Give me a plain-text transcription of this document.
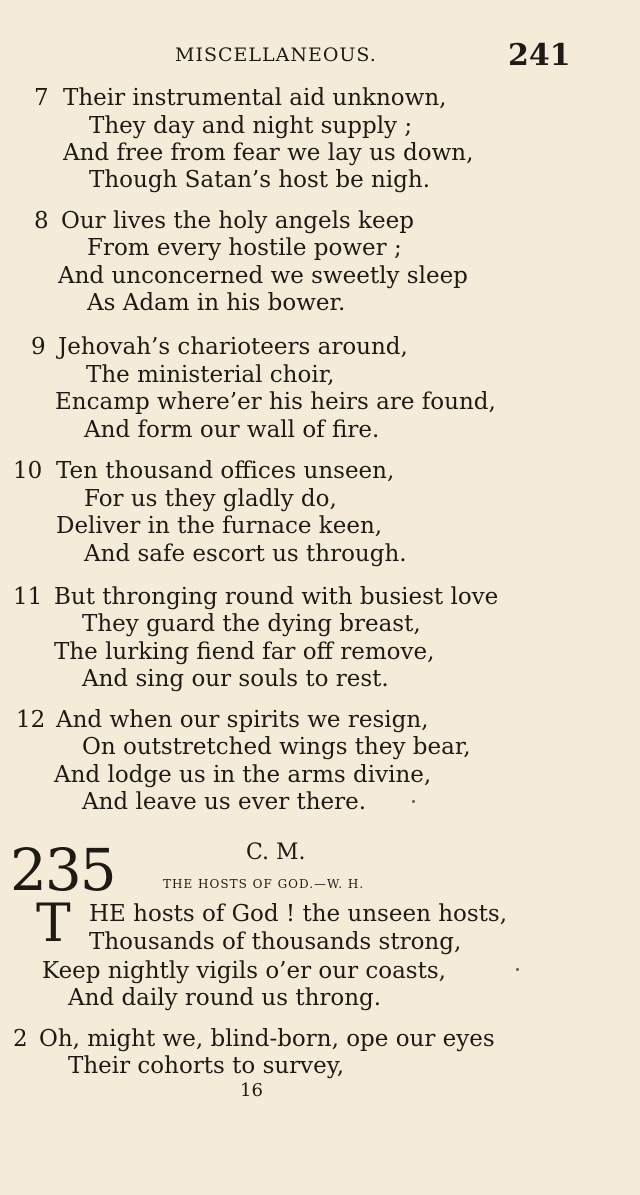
MISCELLANEOUS.	241
7 Their instrumental aid unknown,
They day and night supply ;
And free from fear we lay us down,
Though Satan’s host be nigh.
8 Our lives the holy angels keep
From every hostile power ;
And unconcerned we sweetly sleep
As Adam in his bower.
9 Jehovah’s charioteers around,
The ministerial choir,
Encamp where’er his heirs are found,
And form our wall of fire.
10 Ten thousand offices unseen,
For us they gladly do,
Deliver in the furnace keen,
And safe escort us through.
11 But thronging round with busiest love
They guard the dying breast,
The lurking fiend far off remove,
And sing our souls to rest.
12 And when our spirits we resign,
On outstretched wings they bear,
And lodge us in the arms divine,
And leave us ever there.
235	C. M.
THE HOSTS OF GOD.—W. H.
T HE hosts of God ! the unseen hosts,
Thousands of thousands strong,
Keep nightly vigils o’er our coasts,
And daily round us throng.
2 Oh, might we, blind-born, ope our eyes
Their cohorts to survey,
16
